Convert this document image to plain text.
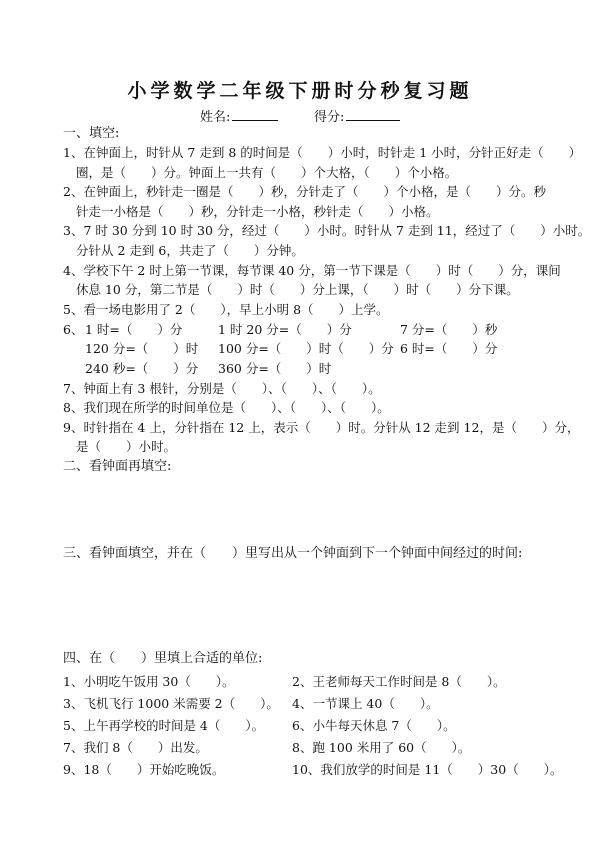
小学数学二年级下册时分秒复习题
姓名:	得分:
一、填空:
1、在钟面上，时针从 7 走到 8 的时间是（　　）小时，时针走 1 小时，分针正好走（　　）
圈，是（　　）分。钟面上一共有（　　）个大格，（　　）个小格。
2、在钟面上，秒针走一圈是（　　）秒，分针走了（　　）个小格，是（　　）分。秒
针走一小格是（　　）秒，分针走一小格，秒针走（　　）小格。
3、7 时 30 分到 10 时 30 分，经过（　　）小时。时针从 7 走到 11，经过了（　　）小时。
分针从 2 走到 6，共走了（　　）分钟。
4、学校下午 2 时上第一节课，每节课 40 分，第一节下课是（　　）时（　　）分，课间
休息 10 分，第二节是（　　）时（　　）分上课，（　　）时（　　）分下课。
5、看一场电影用了 2（　　），早上小明 8（　　）上学。
6、 1 时=（　　）分	1 时 20 分=（　　）分	7 分=（　　）秒
120 分=（　　）时 100 分=（　　）时（　　）分 6 时=（　　）分
240 秒=（　　）分 360 分=（　　）时
7、钟面上有 3 根针，分别是（　　）、（　　）、（　　）。
8、我们现在所学的时间单位是（　　）、（　　）、（　　）。
9、时针指在 4 上，分针指在 12 上，表示（　　）时。分针从 12 走到 12，是（　　）分，
是（　　）小时。
二、看钟面再填空:
三、看钟面填空，并在（　　）里写出从一个钟面到下一个钟面中间经过的时间:
四、在（　　）里填上合适的单位:
1、小明吃午饭用 30（　　）。	2、王老师每天工作时间是 8（　　）。
3、飞机飞行 1000 米需要 2（　　）。 4、一节课上 40（　　）。
5、上午再学校的时间是 4（　　）。 6、小牛每天休息 7（　　）。
7、我们 8（　　）出发。	8、跑 100 米用了 60（　　）。
9、18（　　）开始吃晚饭。	10、我们放学的时间是 11（　　）30（　　）。
